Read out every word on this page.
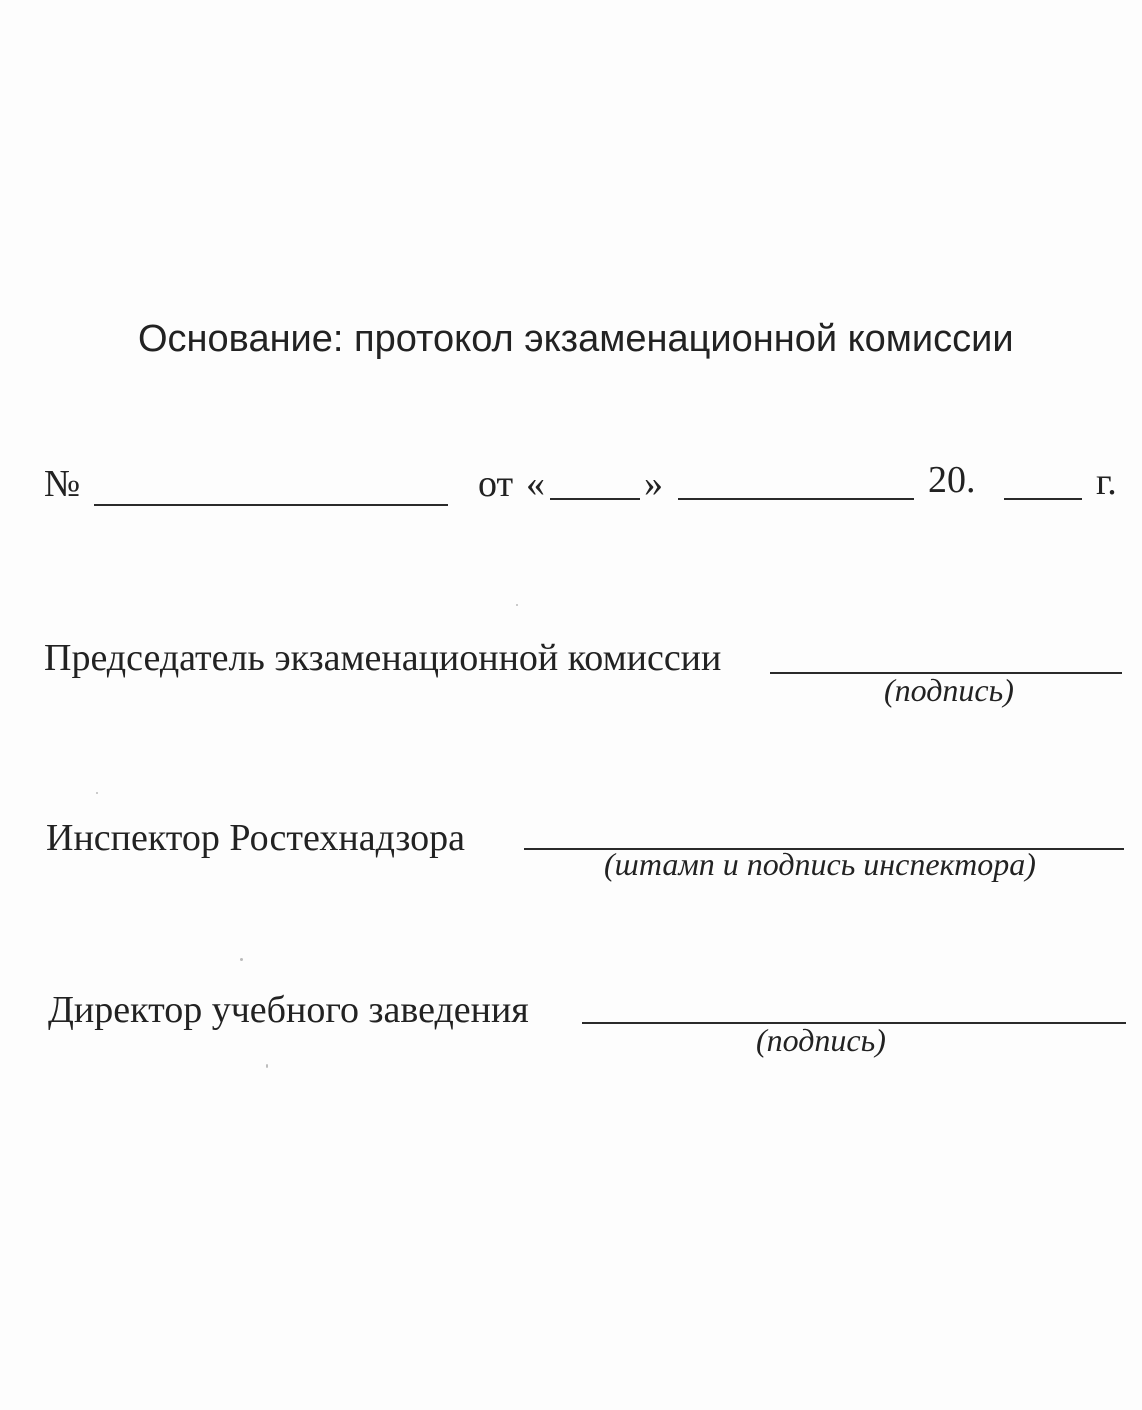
Основание: протокол экзаменационной комиссии
№	от «	»	20.	г.
Председатель экзаменационной комиссии
(подпись)
Инспектор Ростехнадзора
(штамп и подпись инспектора)
Директор учебного заведения
(подпись)
